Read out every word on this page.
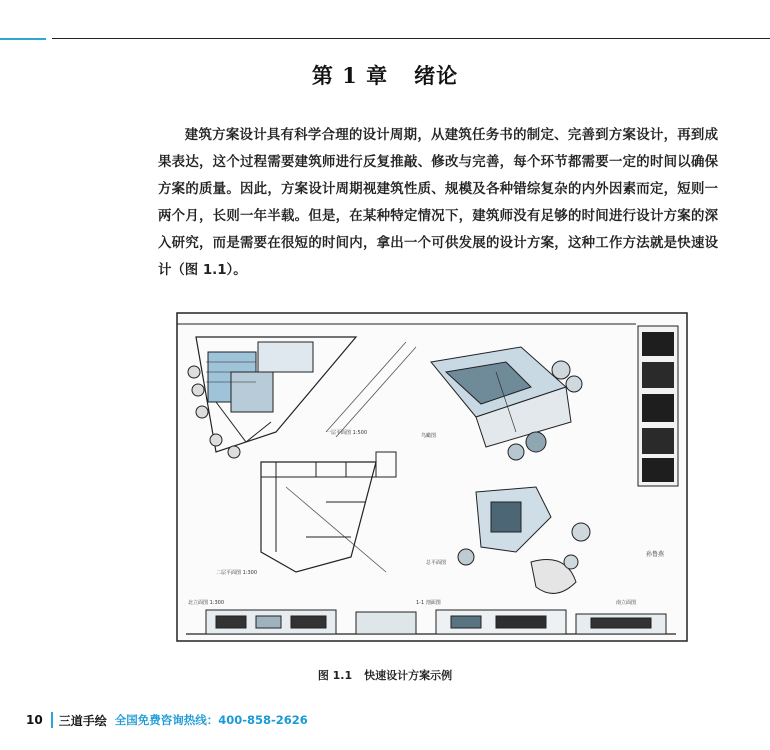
第 1 章 绪论

建筑方案设计具有科学合理的设计周期，从建筑任务书的制定、完善到方案设计，再到成果表达，这个过程需要建筑师进行反复推敲、修改与完善，每个环节都需要一定的时间以确保方案的质量。因此，方案设计周期视建筑性质、规模及各种错综复杂的内外因素而定，短则一两个月，长则一年半载。但是，在某种特定情况下，建筑师没有足够的时间进行设计方案的深入研究，而是需要在很短的时间内，拿出一个可供发展的设计方案，这种工作方法就是快速设计（图 1.1）。

鸟瞰图
二层平面图 1:300
一层平面图 1:500
总平面图
孙鲁燕
北立面图 1:300	1-1 剖面图	南立面图
图 1.1 快速设计方案示例
10 三道手绘 全国免费咨询热线： 400-858-2626
